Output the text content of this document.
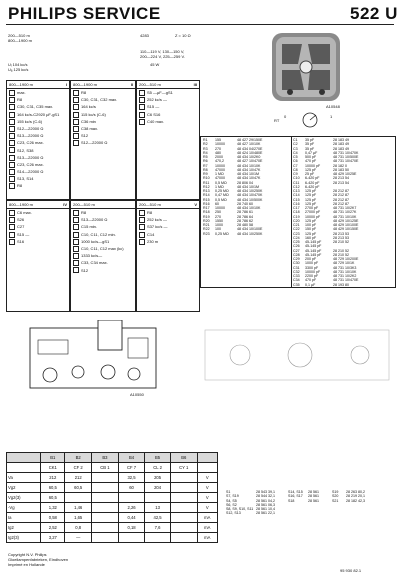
PHILIPS SERVICE	522 U
200—510 m
800—1900 m
4283	Z = 10 Ω
110—119 V, 130—150 V,
200—224 V, 225—259 V.
45 W
Uᵢ 104 kc/s
Uₐ 125 kc/s
A10548
0	1
RT
800—1900 m	I
max.
R8
C30, C31, C35 max.
164 kc/s-C2920 μF-gS1
155 kc/s (C-6)
S12—22000 Ω
S13—22000 Ω
C23, C26 max.
S12, S38
S13—22000 Ω
C23, C26 max.
S14—22000 Ω
S13, S14
R8
800—1900 m	II
R8
C30, C31, C32 max.
164 kc/s
115 kc/s (C-6)
C36 min
C38 max.
S12
S12—22000 Ω
200—510 m	III
S5 —μF—gS1
252 kc/s —
S15 —
C6 S16
C40 max.
800—1900 m	IV
C6 max.
S26
C27
S15 —
S16
200—510 m
R8
S13—22000 Ω
C15 min.
C10, C11, C12 min.
1000 kc/s—gS1
C10, C11, C12 max (kc)
1333 kc/s—
C33, C34 max.
S12
200—510 m	V
R8
252 kc/s —
S37 kc/s —
C14
230 m
R1 155	48 427 29/150E
R2 10000	48 427 10/10K
R3 270	48 434 04/270E
R4 480	48 424 10/480E
R5 2000	48 434 10/2K0
R6 470,2	48 427 10/470E
R7 10000	48 434 10/10K
R8 47000	48 434 10/47K
R9 1 MΩ	48 434 10/1M
R10 47000	48 434 10/47K
R11 0,5 MΩ	28 806 04
R12 1 MΩ	48 434 10/1M
R13 0,25 MΩ 48 434 10/250K
R14 0,47 MΩ 48 434 10/470K
R15 0,5 MΩ	48 434 10/500K
R16 60	28 740 60
R17 10000	48 434 10/10K
R18 250	28 786 61
R19 270	28 786 64
R20 1550	28 786 62
R21 1000	28 480 58
R22 100	48 434 10/100E
R23 0,25 MΩ 48 434 10/250K
C1 35 pF	28 183 49
C2 35 pF	28 183 49
C3 35 pF	28 183 49
C4 0,47 μF	48 731 10/470K
C5 500 pF	48 731 10/500E
C6 470 pF	48 731 10/470E
C7 10000 pF	28 182 0
C8 125 pF	28 183 50
C9 25 pF	48 429 10/25E
C10 6-420 pF	28 213 54
C11 6-420 pF	28 213 54
C12 6-420 pF
C13 125 pF	28 212 87
C14 125 pF	28 212 87
C15 125 pF	28 212 87
C16 125 pF	28 212 87
C17 2700 pF	48 731 10/2K7
C18 27000 pF	48 731 10/27K
C19 10000 pF	48 731 10/10K
C20 125 pF	48 429 10/125E
C21 100 pF	48 429 10/100E
C22 150 pF	48 429 10/150E
C23 125 pF	28 213 53
C24 160 pF	28 213 53
C25 45-145 pF	28 210 52
C26 45-145 pF
C27 45-145 pF	28 210 52
C28 45-145 pF	28 210 52
C29 200 pF	48 729 10/200E
C30 1000 pF	48 729 10/1K
C31 3300 pF	48 731 10/3K3
C32 10000 pF	48 731 10/10K
C33 2200 pF	48 731 10/2K2
C34 470 pF	48 731 10/470E
C35 0,1 μF	28 193 80
A10550
	B1	B2	B3	B4	B5	B6	
	CK1	CF 2	CB 1	CF 7	CL 2	CY 1	
Va	212	212		32,5	205		V
Vg2	60,5	60,5		60	204		V
Vg2(3)	60,5						V
-Vg	1,32	1,46		2,26	13		V
Ia	0,58	1,65		0,44	42,5		mA
Ig2	2,52	0,8		0,18	7,6		mA
Ig2(3)	3,27	—					mA
S1	28 543 39,1
S7, S19	28 544 32,1
S4, S5	28 561 04,2
S6, S2	28 561 06,3
S8, S9, S10, S11 28 561 10,4
S12, S13	28 561 22,1
S14, S15 28 561
S16, S17 28 561
S18	28 561
S19 28 263 80,2
S20 28 219 20,1
S21 28 182 42,3
Copyright N.V. Philips
Gloeilampenfabrieken, Eindhoven
Imprimé en Hollande
95 930 82.1
